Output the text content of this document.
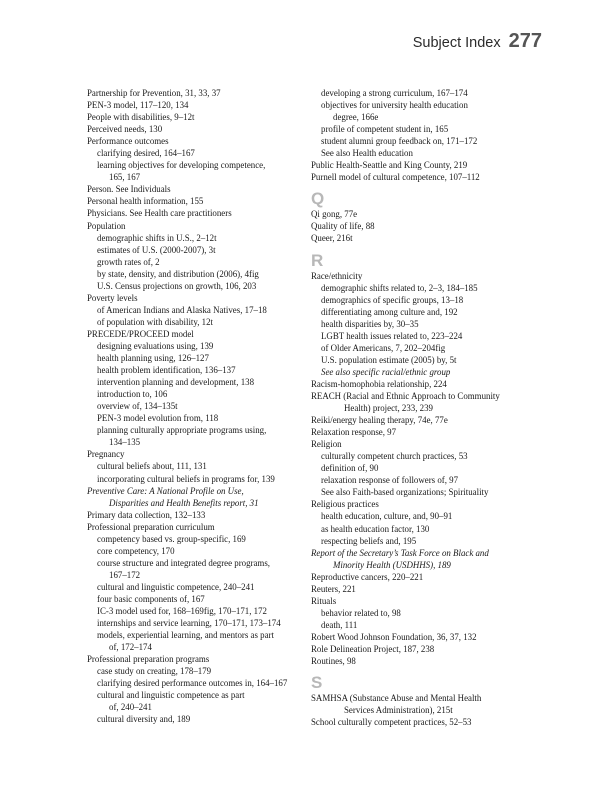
Subject Index 277
Partnership for Prevention, 31, 33, 37
PEN-3 model, 117–120, 134
People with disabilities, 9–12t
Perceived needs, 130
Performance outcomes
clarifying desired, 164–167
learning objectives for developing competence,
165, 167
Person. See Individuals
Personal health information, 155
Physicians. See Health care practitioners
Population
demographic shifts in U.S., 2–12t
estimates of U.S. (2000-2007), 3t
growth rates of, 2
by state, density, and distribution (2006), 4fig
U.S. Census projections on growth, 106, 203
Poverty levels
of American Indians and Alaska Natives, 17–18
of population with disability, 12t
PRECEDE/PROCEED model
designing evaluations using, 139
health planning using, 126–127
health problem identification, 136–137
intervention planning and development, 138
introduction to, 106
overview of, 134–135t
PEN-3 model evolution from, 118
planning culturally appropriate programs using,
134–135
Pregnancy
cultural beliefs about, 111, 131
incorporating cultural beliefs in programs for, 139
Preventive Care: A National Profile on Use,
Disparities and Health Benefits report, 31
Primary data collection, 132–133
Professional preparation curriculum
competency based vs. group-specific, 169
core competency, 170
course structure and integrated degree programs,
167–172
cultural and linguistic competence, 240–241
four basic components of, 167
IC-3 model used for, 168–169fig, 170–171, 172
internships and service learning, 170–171, 173–174
models, experiential learning, and mentors as part
of, 172–174
Professional preparation programs
case study on creating, 178–179
clarifying desired performance outcomes in, 164–167
cultural and linguistic competence as part
of, 240–241
cultural diversity and, 189
developing a strong curriculum, 167–174
objectives for university health education
degree, 166e
profile of competent student in, 165
student alumni group feedback on, 171–172
See also Health education
Public Health-Seattle and King County, 219
Purnell model of cultural competence, 107–112
Q
Qi gong, 77e
Quality of life, 88
Queer, 216t
R
Race/ethnicity
demographic shifts related to, 2–3, 184–185
demographics of specific groups, 13–18
differentiating among culture and, 192
health disparities by, 30–35
LGBT health issues related to, 223–224
of Older Americans, 7, 202–204fig
U.S. population estimate (2005) by, 5t
See also specific racial/ethnic group
Racism-homophobia relationship, 224
REACH (Racial and Ethnic Approach to Community
Health) project, 233, 239
Reiki/energy healing therapy, 74e, 77e
Relaxation response, 97
Religion
culturally competent church practices, 53
definition of, 90
relaxation response of followers of, 97
See also Faith-based organizations; Spirituality
Religious practices
health education, culture, and, 90–91
as health education factor, 130
respecting beliefs and, 195
Report of the Secretary’s Task Force on Black and
Minority Health (USDHHS), 189
Reproductive cancers, 220–221
Reuters, 221
Rituals
behavior related to, 98
death, 111
Robert Wood Johnson Foundation, 36, 37, 132
Role Delineation Project, 187, 238
Routines, 98
S
SAMHSA (Substance Abuse and Mental Health
Services Administration), 215t
School culturally competent practices, 52–53
